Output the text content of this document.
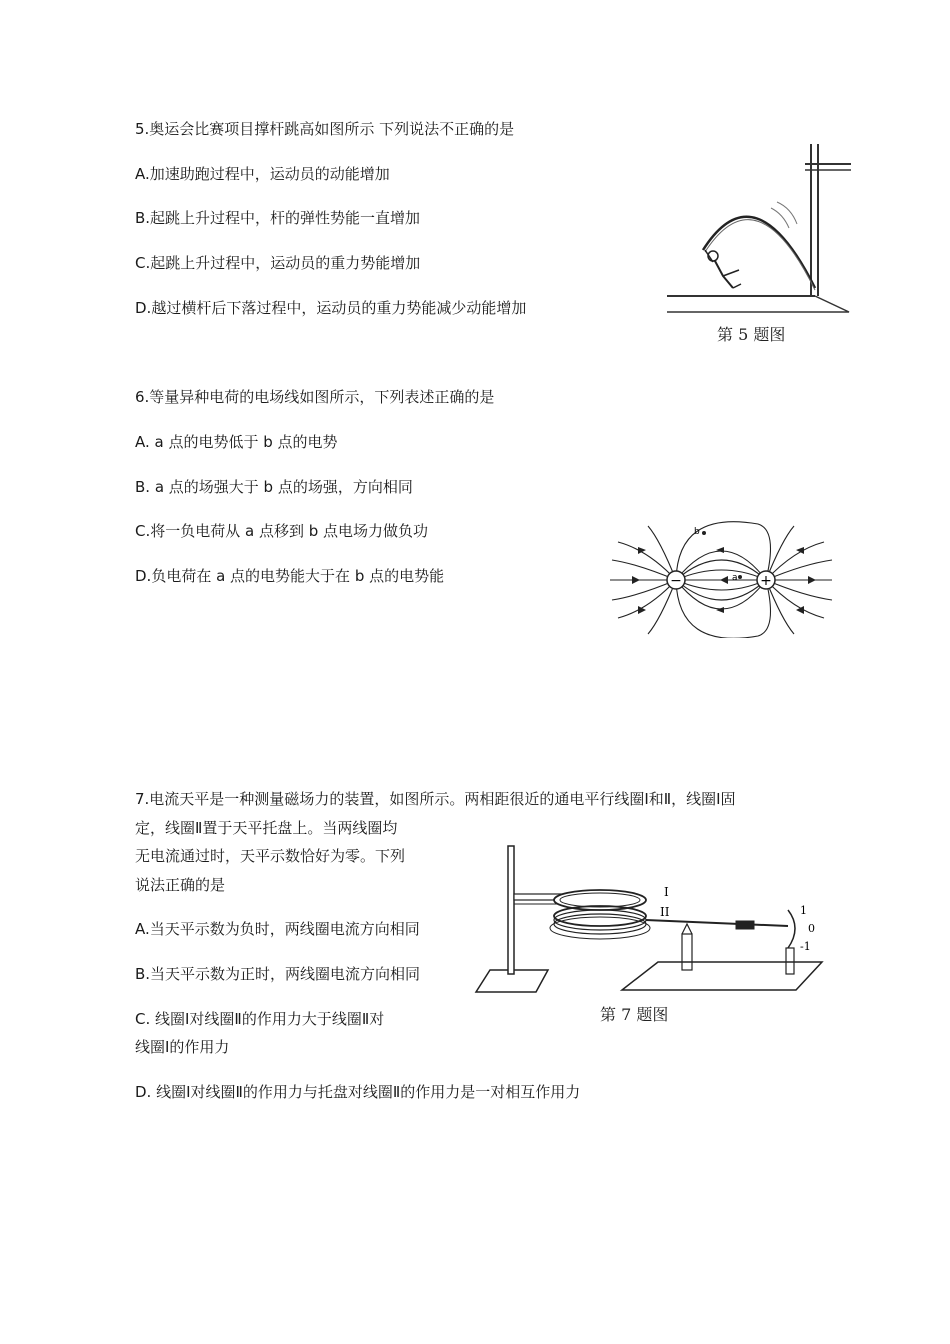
5.奥运会比赛项目撑杆跳高如图所示 下列说法不正确的是
A.加速助跑过程中，运动员的动能增加
B.起跳上升过程中，杆的弹性势能一直增加
C.起跳上升过程中，运动员的重力势能增加
D.越过横杆后下落过程中，运动员的重力势能减少动能增加
第 5 题图
6.等量异种电荷的电场线如图所示，下列表述正确的是
A. a 点的电势低于 b 点的电势
B. a 点的场强大于 b 点的场强，方向相同
C.将一负电荷从 a 点移到 b 点电场力做负功
D.负电荷在 a 点的电势能大于在 b 点的电势能	−	+
a
b
7.电流天平是一种测量磁场力的装置，如图所示。两相距很近的通电平行线圈Ⅰ和Ⅱ，线圈Ⅰ固
定，线圈Ⅱ置于天平托盘上。当两线圈均
无电流通过时，天平示数恰好为零。下列
说法正确的是
A.当天平示数为负时，两线圈电流方向相同
B.当天平示数为正时，两线圈电流方向相同
C. 线圈Ⅰ对线圈Ⅱ的作用力大于线圈Ⅱ对
线圈Ⅰ的作用力
D. 线圈Ⅰ对线圈Ⅱ的作用力与托盘对线圈Ⅱ的作用力是一对相互作用力
I
II	1
0
-1
第 7 题图
